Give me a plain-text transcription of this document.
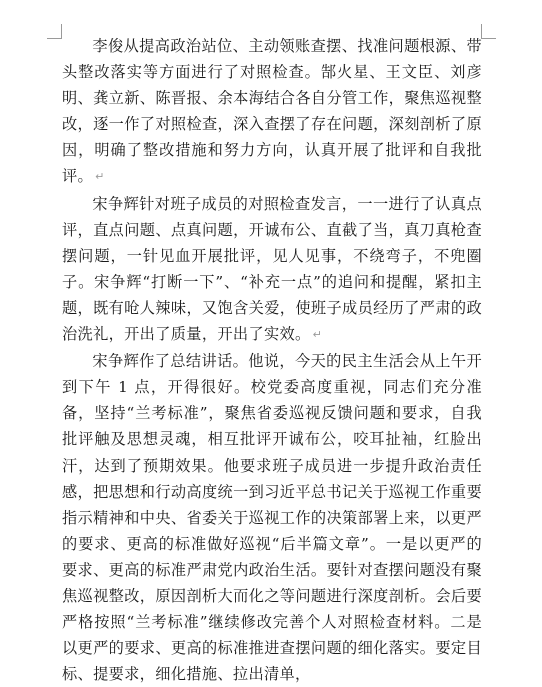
李俊从提高政治站位、主动领账查摆、找准问题根源、带头整改落实等方面进行了对照检查。郜火星、王文臣、刘彦明、龚立新、陈晋报、余本海结合各自分管工作，聚焦巡视整改，逐一作了对照检查，深入查摆了存在问题，深刻剖析了原因，明确了整改措施和努力方向，认真开展了批评和自我批评。 ↵

宋争辉针对班子成员的对照检查发言，一一进行了认真点评，直点问题、点真问题，开诚布公、直截了当，真刀真枪查摆问题，一针见血开展批评，见人见事，不绕弯子，不兜圈子。宋争辉“打断一下”、“补充一点”的追问和提醒，紧扣主题，既有呛人辣味，又饱含关爱，使班子成员经历了严肃的政治洗礼，开出了质量，开出了实效。 ↵

宋争辉作了总结讲话。他说，今天的民主生活会从上午开到下午 1 点，开得很好。校党委高度重视，同志们充分准备，坚持“兰考标准”，聚焦省委巡视反馈问题和要求，自我批评触及思想灵魂，相互批评开诚布公，咬耳扯袖，红脸出汗，达到了预期效果。他要求班子成员进一步提升政治责任感，把思想和行动高度统一到习近平总书记关于巡视工作重要指示精神和中央、省委关于巡视工作的决策部署上来，以更严的要求、更高的标准做好巡视“后半篇文章”。一是以更严的要求、更高的标准严肃党内政治生活。要针对查摆问题没有聚焦巡视整改，原因剖析大而化之等问题进行深度剖析。会后要严格按照“兰考标准”继续修改完善个人对照检查材料。二是以更严的要求、更高的标准推进查摆问题的细化落实。要定目标、提要求，细化措施、拉出清单，
